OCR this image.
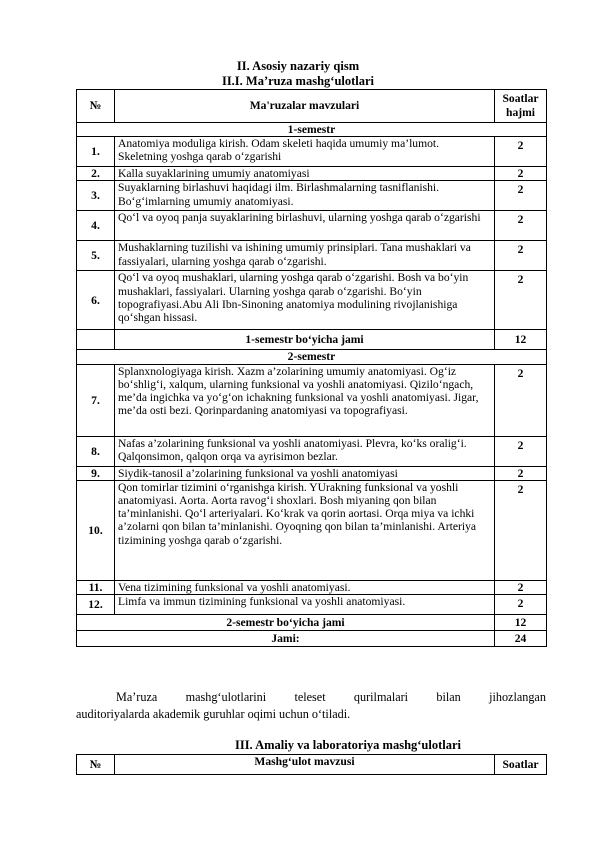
II. Asosiy nazariy qism
II.I. Ma’ruza mashg‘ulotlari
№	Ma'ruzalar mavzulari	Soatlar hajmi
1-semestr		
1.	Anatomiya moduliga kirish. Odam skeleti haqida umumiy ma’lumot. Skeletning yoshga qarab o‘zgarishi	2
2.	Kalla suyaklarining umumiy anatomiyasi	2
3.	Suyaklarning birlashuvi haqidagi ilm. Birlashmalarning tasniflanishi. Bo‘g‘imlarning umumiy anatomiyasi.	2
4.	Qo‘l va oyoq panja suyaklarining birlashuvi, ularning yoshga qarab o‘zgarishi	2
5.	Mushaklarning tuzilishi va ishining umumiy prinsiplari. Tana mushaklari va fassiyalari, ularning yoshga qarab o‘zgarishi.	2
6.	Qo‘l va oyoq mushaklari, ularning yoshga qarab o‘zgarishi. Bosh va bo‘yin mushaklari, fassiyalari. Ularning yoshga qarab o‘zgarishi. Bo‘yin topografiyasi.Abu Ali Ibn-Sinoning anatomiya modulining rivojlanishiga qo‘shgan hissasi.	2
	1-semestr bo‘yicha jami	12
2-semestr		
7.	Splanxnologiyaga kirish. Xazm a’zolarining umumiy anatomiyasi. Og‘iz bo‘shlig‘i, xalqum, ularning funksional va yoshli anatomiyasi. Qizilo‘ngach, me’da ingichka va yo‘g‘on ichakning funksional va yoshli anatomiyasi. Jigar, me’da osti bezi. Qorinpardaning anatomiyasi va topografiyasi.	2
8.	Nafas a’zolarining funksional va yoshli anatomiyasi. Plevra, ko‘ks oralig‘i. Qalqonsimon, qalqon orqa va ayrisimon bezlar.	2
9.	Siydik-tanosil a’zolarining funksional va yoshli anatomiyasi	2
10.	Qon tomirlar tizimini o‘rganishga kirish. YUrakning funksional va yoshli anatomiyasi. Aorta. Aorta ravog‘i shoxlari. Bosh miyaning qon bilan ta’minlanishi. Qo‘l arteriyalari. Ko‘krak va qorin aortasi. Orqa miya va ichki a’zolarni qon bilan ta’minlanishi. Oyoqning qon bilan ta’minlanishi. Arteriya tizimining yoshga qarab o‘zgarishi.	2
11.	Vena tizimining funksional va yoshli anatomiyasi.	2
12.	Limfa va immun tizimining funksional va yoshli anatomiyasi.	2
2-semestr bo‘yicha jami		12
Jami:		24
Ma’ruza mashg‘ulotlarini teleset qurilmalari bilan jihozlangan
auditoriyalarda akademik guruhlar oqimi uchun o‘tiladi.
III. Amaliy va laboratoriya mashg‘ulotlari
№	Mashg‘ulot mavzusi	Soatlar
